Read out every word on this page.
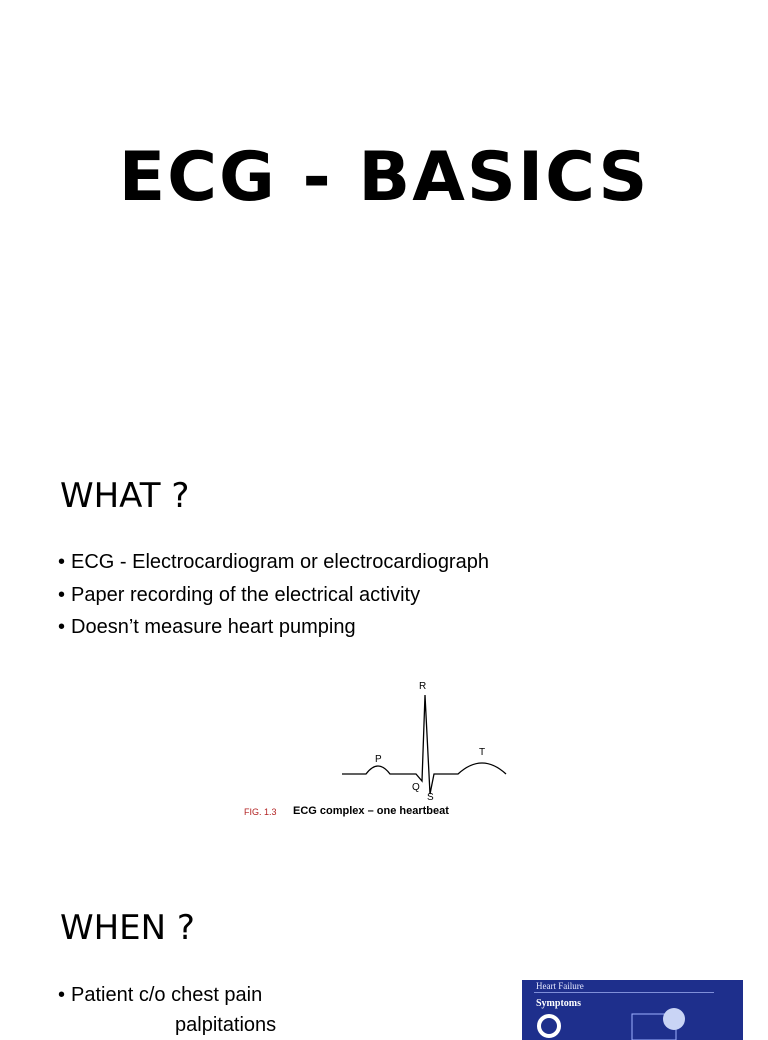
ECG - BASICS
WHAT ?
• ECG - Electrocardiogram or electrocardiograph
• Paper recording of the electrical activity
• Doesn’t measure heart pumping
R
P
T
Q
S
FIG. 1.3 ECG complex – one heartbeat
WHEN ?
• Patient c/o chest pain
palpitations
Heart Failure
Symptoms
